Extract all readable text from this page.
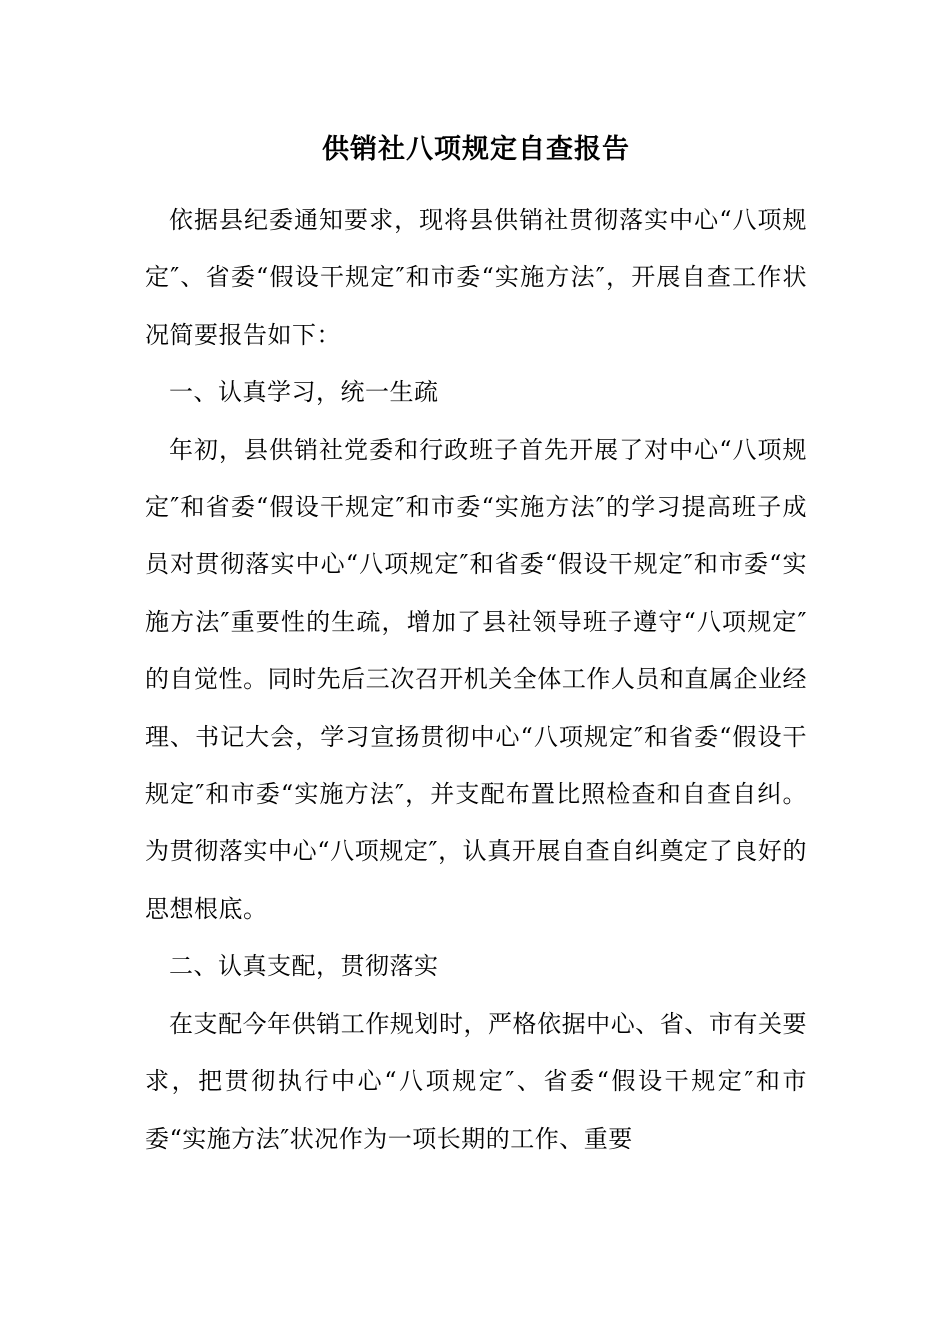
供销社八项规定自查报告

依据县纪委通知要求，现将县供销社贯彻落实中心“八项规定″、省委“假设干规定″和市委“实施方法″，开展自查工作状况简要报告如下：

一、认真学习，统一生疏

年初，县供销社党委和行政班子首先开展了对中心“八项规定″和省委“假设干规定″和市委“实施方法″的学习提高班子成员对贯彻落实中心“八项规定″和省委“假设干规定″和市委“实施方法″重要性的生疏，增加了县社领导班子遵守“八项规定″的自觉性。同时先后三次召开机关全体工作人员和直属企业经理、书记大会，学习宣扬贯彻中心“八项规定″和省委“假设干规定″和市委“实施方法″，并支配布置比照检查和自查自纠。为贯彻落实中心“八项规定″，认真开展自查自纠奠定了良好的思想根底。

二、认真支配，贯彻落实

在支配今年供销工作规划时，严格依据中心、省、市有关要求，把贯彻执行中心“八项规定″、省委“假设干规定″和市委“实施方法″状况作为一项长期的工作、重要
